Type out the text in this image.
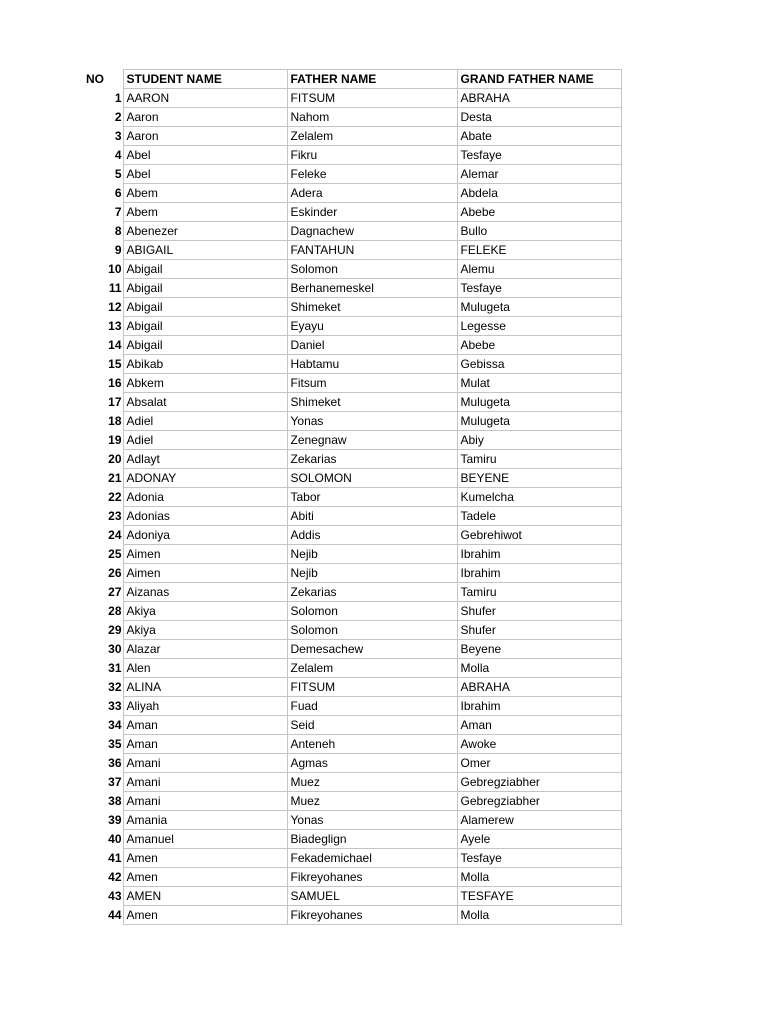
NO	STUDENT NAME	FATHER NAME	GRAND FATHER NAME
1	AARON	FITSUM	ABRAHA
2	Aaron	Nahom	Desta
3	Aaron	Zelalem	Abate
4	Abel	Fikru	Tesfaye
5	Abel	Feleke	Alemar
6	Abem	Adera	Abdela
7	Abem	Eskinder	Abebe
8	Abenezer	Dagnachew	Bullo
9	ABIGAIL	FANTAHUN	FELEKE
10	Abigail	Solomon	Alemu
11	Abigail	Berhanemeskel	Tesfaye
12	Abigail	Shimeket	Mulugeta
13	Abigail	Eyayu	Legesse
14	Abigail	Daniel	Abebe
15	Abikab	Habtamu	Gebissa
16	Abkem	Fitsum	Mulat
17	Absalat	Shimeket	Mulugeta
18	Adiel	Yonas	Mulugeta
19	Adiel	Zenegnaw	Abiy
20	Adlayt	Zekarias	Tamiru
21	ADONAY	SOLOMON	BEYENE
22	Adonia	Tabor	Kumelcha
23	Adonias	Abiti	Tadele
24	Adoniya	Addis	Gebrehiwot
25	Aimen	Nejib	Ibrahim
26	Aimen	Nejib	Ibrahim
27	Aizanas	Zekarias	Tamiru
28	Akiya	Solomon	Shufer
29	Akiya	Solomon	Shufer
30	Alazar	Demesachew	Beyene
31	Alen	Zelalem	Molla
32	ALINA	FITSUM	ABRAHA
33	Aliyah	Fuad	Ibrahim
34	Aman	Seid	Aman
35	Aman	Anteneh	Awoke
36	Amani	Agmas	Omer
37	Amani	Muez	Gebregziabher
38	Amani	Muez	Gebregziabher
39	Amania	Yonas	Alamerew
40	Amanuel	Biadeglign	Ayele
41	Amen	Fekademichael	Tesfaye
42	Amen	Fikreyohanes	Molla
43	AMEN	SAMUEL	TESFAYE
44	Amen	Fikreyohanes	Molla
